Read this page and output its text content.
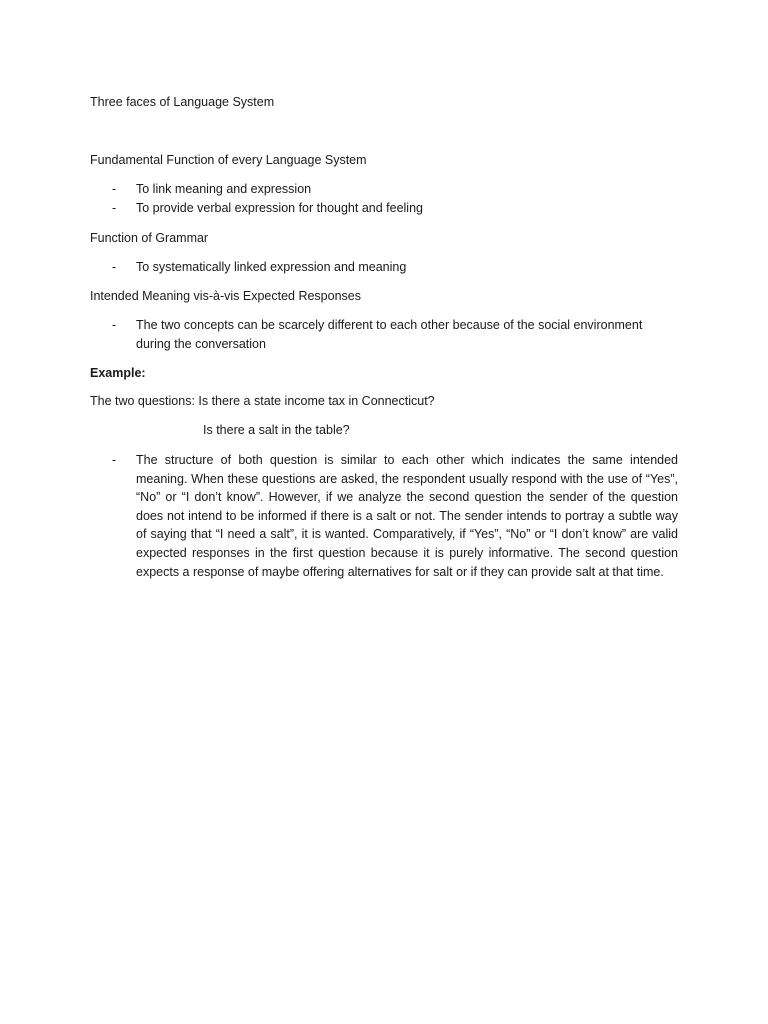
Three faces of Language System
Fundamental Function of every Language System
- To link meaning and expression
- To provide verbal expression for thought and feeling
Function of Grammar
- To systematically linked expression and meaning
Intended Meaning vis-à-vis Expected Responses
- The two concepts can be scarcely different to each other because of the social environment during the conversation
Example:
The two questions: Is there a state income tax in Connecticut?
Is there a salt in the table?
- The structure of both question is similar to each other which indicates the same intended meaning. When these questions are asked, the respondent usually respond with the use of “Yes”, “No” or “I don’t know”. However, if we analyze the second question the sender of the question does not intend to be informed if there is a salt or not. The sender intends to portray a subtle way of saying that “I need a salt”, it is wanted. Comparatively, if “Yes”, “No” or “I don’t know” are valid expected responses in the first question because it is purely informative. The second question expects a response of maybe offering alternatives for salt or if they can provide salt at that time.
